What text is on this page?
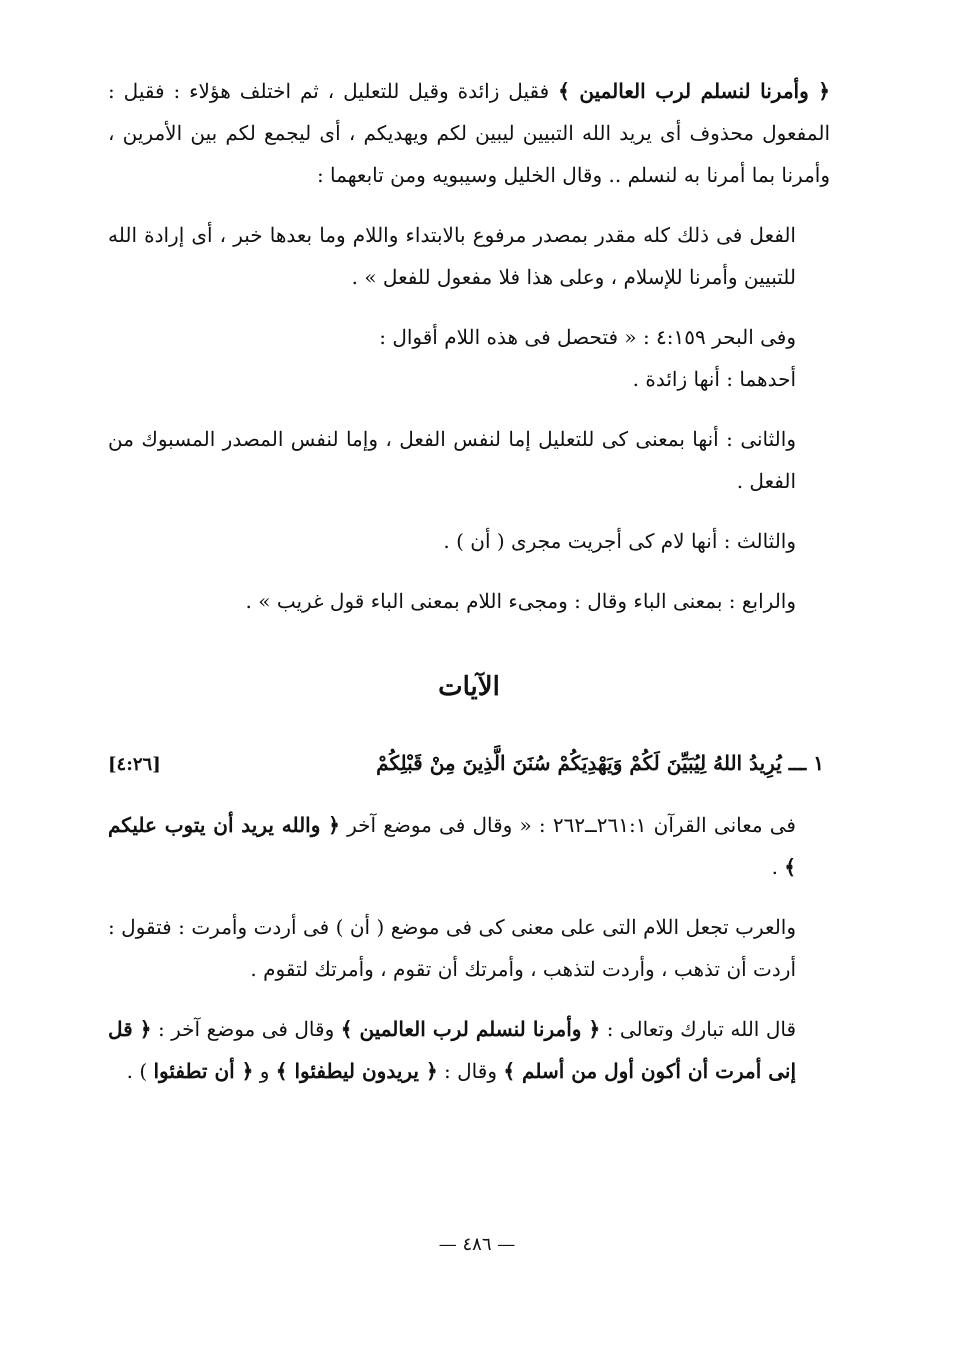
﴿ وأمرنا لنسلم لرب العالمين ﴾ فقيل زائدة وقيل للتعليل ، ثم اختلف هؤلاء : فقيل : المفعول محذوف أى يريد الله التبيين ليبين لكم ويهديكم ، أى ليجمع لكم بين الأمرين ، وأمرنا بما أمرنا به لنسلم .. وقال الخليل وسيبويه ومن تابعهما :

الفعل فى ذلك كله مقدر بمصدر مرفوع بالابتداء واللام وما بعدها خبر ، أى إرادة الله للتبيين وأمرنا للإسلام ، وعلى هذا فلا مفعول للفعل » .

وفى البحر ٤:١٥٩ : « فتحصل فى هذه اللام أقوال :

أحدهما : أنها زائدة .

والثانى : أنها بمعنى كى للتعليل إما لنفس الفعل ، وإما لنفس المصدر المسبوك من الفعل .

والثالث : أنها لام كى أجريت مجرى ( أن ) .

والرابع : بمعنى الباء وقال : ومجىء اللام بمعنى الباء قول غريب » .

الآيات
١ ـــ يُرِيدُ اللهُ لِيُبَيِّنَ لَكُمْ وَيَهْدِيَكُمْ سُنَنَ الَّذِينَ مِنْ قَبْلِكُمْ
[٤:٢٦]

فى معانى القرآن ٢٦١:١ــ٢٦٢ : « وقال فى موضع آخر ﴿ والله يريد أن يتوب عليكم ﴾ .

والعرب تجعل اللام التى على معنى كى فى موضع ( أن ) فى أردت وأمرت : فتقول : أردت أن تذهب ، وأردت لتذهب ، وأمرتك أن تقوم ، وأمرتك لتقوم .

قال الله تبارك وتعالى : ﴿ وأمرنا لنسلم لرب العالمين ﴾ وقال فى موضع آخر : ﴿ قل إنى أمرت أن أكون أول من أسلم ﴾ وقال : ﴿ يريدون ليطفئوا ﴾ و ﴿ أن تطفئوا ) .

— ٤٨٦ —
